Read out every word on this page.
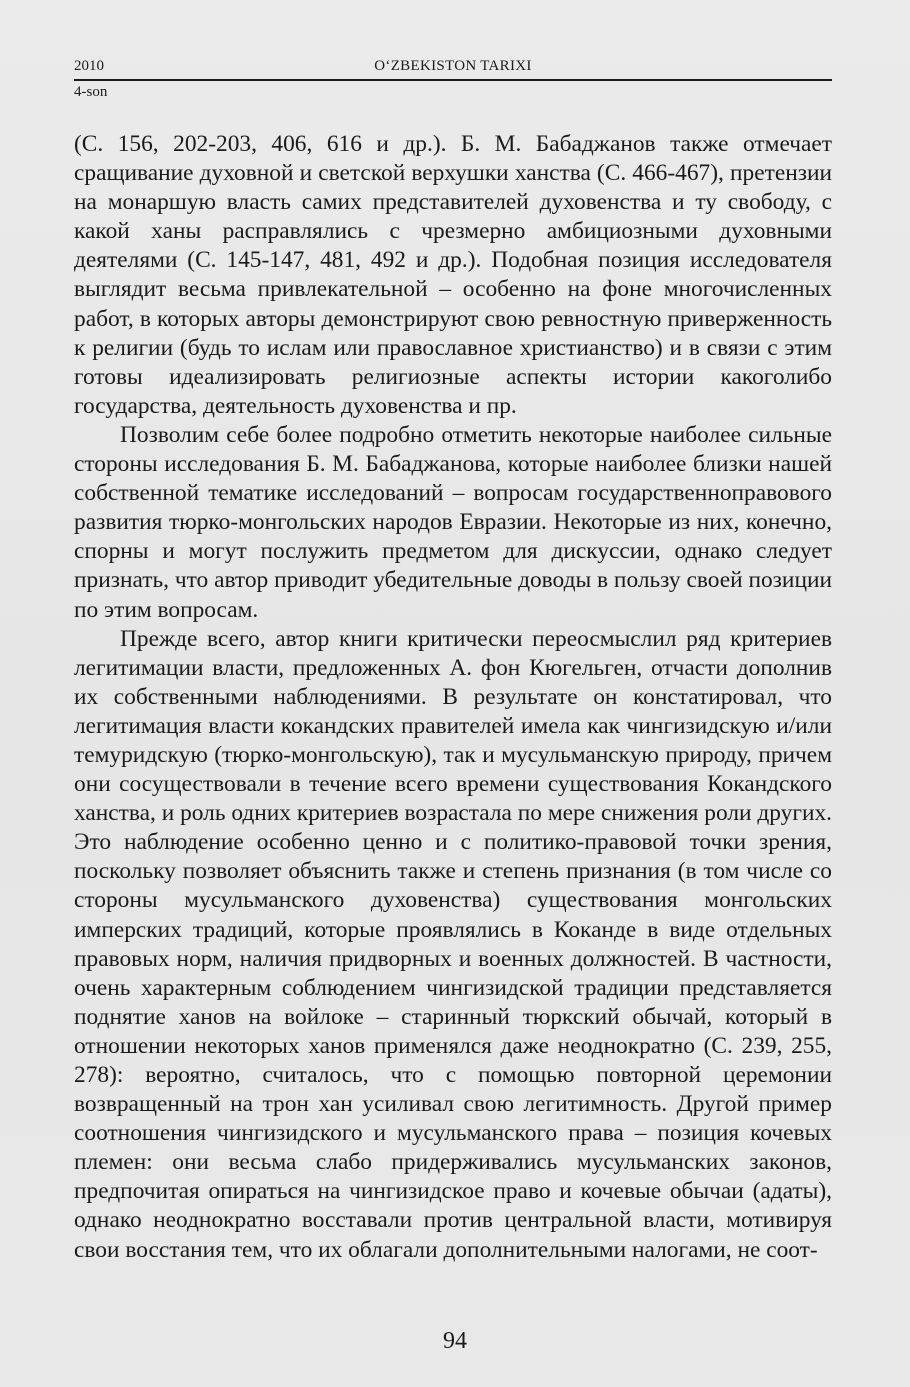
2010	O‘ZBEKISTON TARIXI
4-son

(С. 156, 202-203, 406, 616 и др.). Б. М. Бабаджанов также отмечает сращивание духовной и светской верхушки ханства (С. 466-467), претензии на монаршую власть самих представителей духовенства и ту свободу, с какой ханы расправлялись с чрезмерно амбициозными духовными деятелями (С. 145-147, 481, 492 и др.). Подобная позиция исследователя выглядит весьма привлекательной – особенно на фоне многочисленных работ, в которых авторы демонстрируют свою ревностную приверженность к религии (будь то ислам или православное христианство) и в связи с этим готовы идеализировать религиозные аспекты истории какоголибо государства, деятельность духовенства и пр.

Позволим себе более подробно отметить некоторые наиболее сильные стороны исследования Б. М. Бабаджанова, которые наиболее близки нашей собственной тематике исследований – вопросам государственноправового развития тюрко-монгольских народов Евразии. Некоторые из них, конечно, спорны и могут послужить предметом для дискуссии, однако следует признать, что автор приводит убедительные доводы в пользу своей позиции по этим вопросам.

Прежде всего, автор книги критически переосмыслил ряд критериев легитимации власти, предложенных А. фон Кюгельген, отчасти дополнив их собственными наблюдениями. В результате он констатировал, что легитимация власти кокандских правителей имела как чингизидскую и/или темуридскую (тюрко-монгольскую), так и мусульманскую природу, причем они сосуществовали в течение всего времени существования Кокандского ханства, и роль одних критериев возрастала по мере снижения роли других. Это наблюдение особенно ценно и с политико-правовой точки зрения, поскольку позволяет объяснить также и степень признания (в том числе со стороны мусульманского духовенства) существования монгольских имперских традиций, которые проявлялись в Коканде в виде отдельных правовых норм, наличия придворных и военных должностей. В частности, очень характерным соблюдением чингизидской традиции представляется поднятие ханов на войлоке – старинный тюркский обычай, который в отношении некоторых ханов применялся даже неоднократно (С. 239, 255, 278): вероятно, считалось, что с помощью повторной церемонии возвращенный на трон хан усиливал свою легитимность. Другой пример соотношения чингизидского и мусульманского права – позиция кочевых племен: они весьма слабо придерживались мусульманских законов, предпочитая опираться на чингизидское право и кочевые обычаи (адаты), однако неоднократно восставали против центральной власти, мотивируя свои восстания тем, что их облагали дополнительными налогами, не соот-

94
